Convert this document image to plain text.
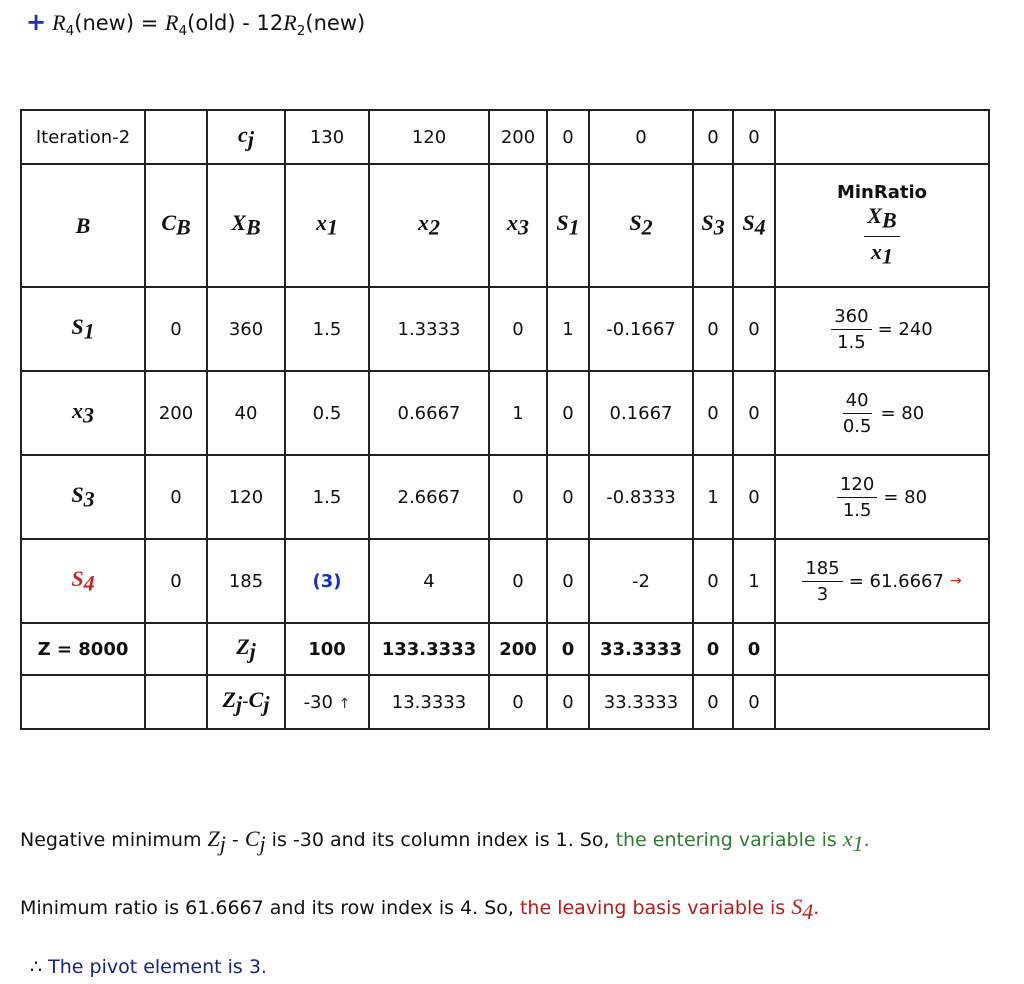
+ $R_4(new) = R_4(old) - 12R_2(new)$
Iteration-2		$c_j$	130	120	200	0	0	0	0	
B	$C_B$	$X_B$	$x_1$	$x_2$	$x_3$	$S_1$	$S_2$	$S_3$	$S_4$	MinRatio
$\frac{X_B}{x_1}$

$S_1$	0	360	1.5	1.3333	0	1	-0.1667	0	0	$\frac{360}{1.5} = 240$

$x_3$	200	40	0.5	0.6667	1	0	0.1667	0	0	$\frac{40}{0.5} = 80$

$S_3$	0	120	1.5	2.6667	0	0	-0.8333	1	0	$\frac{120}{1.5} = 80$

$S_4$	0	185	(3)	4	0	0	-2	0	1	$\frac{185}{3} = 61.6667$ →

Z = 8000		$Z_j$	100	133.3333	200	0	33.3333	0	0	
		$Z_j-C_j$	-30 ↑	13.3333	0	0	33.3333	0	0	
Negative minimum $Z_j - C_j$ is -30 and its column index is 1. So, the entering variable is $x_1$.
Minimum ratio is 61.6667 and its row index is 4. So, the leaving basis variable is $S_4$.
∴ The pivot element is 3.
